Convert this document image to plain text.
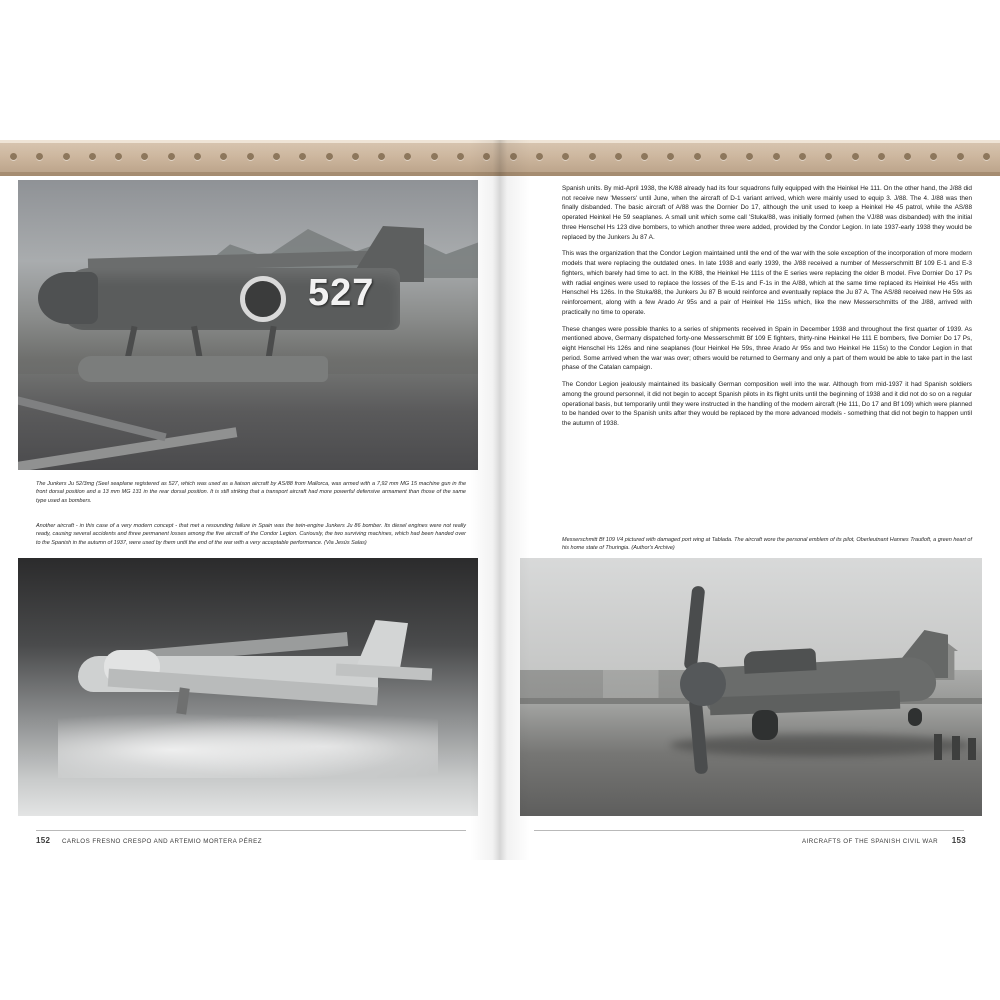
527

The Junkers Ju 52/3mg (Seel seaplane registered as 527, which was used as a liaison aircraft by AS/88 from Mallorca, was armed with a 7,92 mm MG 15 machine gun in the front dorsal position and a 13 mm MG 131 in the rear dorsal position. It is still striking that a transport aircraft had more powerful defensive armament than those of the same type used as bombers.

Another aircraft - in this case of a very modern concept - that met a resounding failure in Spain was the twin-engine Junkers Ju 86 bomber. Its diesel engines were not really ready, causing several accidents and three permanent losses among the five aircraft of the Condor Legion. Curiously, the two surviving machines, which had been handed over to the Spanish in the autumn of 1937, were used by them until the end of the war with a very acceptable performance. (Via Jesús Salas)

152 CARLOS FRESNO CRESPO AND ARTEMIO MORTERA PÉREZ

Spanish units. By mid-April 1938, the K/88 already had its four squadrons fully equipped with the Heinkel He 111. On the other hand, the J/88 did not receive new 'Messers' until June, when the aircraft of D-1 variant arrived, which were mainly used to equip 3. J/88. The 4. J/88 was then finally disbanded. The basic aircraft of A/88 was the Dornier Do 17, although the unit used to keep a Heinkel He 45 patrol, while the AS/88 operated Heinkel He 59 seaplanes. A small unit which some call 'Stuka/88, was initially formed (when the VJ/88 was disbanded) with the initial three Henschel Hs 123 dive bombers, to which another three were added, provided by the Condor Legion. In late 1937-early 1938 they would be replaced by the Junkers Ju 87 A.

This was the organization that the Condor Legion maintained until the end of the war with the sole exception of the incorporation of more modern models that were replacing the outdated ones. In late 1938 and early 1939, the J/88 received a number of Messerschmitt Bf 109 E-1 and E-3 fighters, which barely had time to act. In the K/88, the Heinkel He 111s of the E series were replacing the older B model. Five Dornier Do 17 Ps with radial engines were used to replace the losses of the E-1s and F-1s in the A/88, which at the same time replaced its Heinkel He 45s with Henschel Hs 126s. In the Stuka/88, the Junkers Ju 87 B would reinforce and eventually replace the Ju 87 A. The AS/88 received new He 59s as reinforcement, along with a few Arado Ar 95s and a pair of Heinkel He 115s which, like the new Messerschmitts of the J/88, arrived with practically no time to operate.

These changes were possible thanks to a series of shipments received in Spain in December 1938 and throughout the first quarter of 1939. As mentioned above, Germany dispatched forty-one Messerschmitt Bf 109 E fighters, thirty-nine Heinkel He 111 E bombers, five Dornier Do 17 Ps, eight Henschel Hs 126s and nine seaplanes (four Heinkel He 59s, three Arado Ar 95s and two Heinkel He 115s) to the Condor Legion in that period. Some arrived when the war was over; others would be returned to Germany and only a part of them would be able to take part in the last phase of the Catalan campaign.

The Condor Legion jealously maintained its basically German composition well into the war. Although from mid-1937 it had Spanish soldiers among the ground personnel, it did not begin to accept Spanish pilots in its flight units until the beginning of 1938 and it did not do so on a regular operational basis, but temporarily until they were instructed in the handling of the modern aircraft (He 111, Do 17 and Bf 109) which were planned to be handed over to the Spanish units after they would be replaced by the more advanced models - something that did not begin to happen until the autumn of 1938.

Messerschmitt Bf 109 V4 pictured with damaged port wing at Tablada. The aircraft wore the personal emblem of its pilot, Oberleutnant Hannes Trautloft, a green heart of his home state of Thuringia. (Author's Archive)

AIRCRAFTS OF THE SPANISH CIVIL WAR 153
